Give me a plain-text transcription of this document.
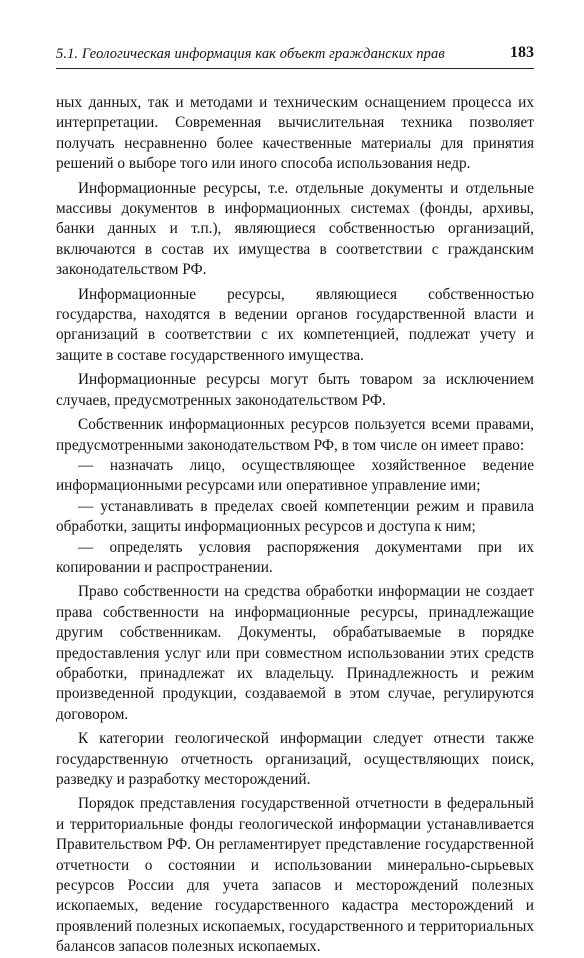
5.1. Геологическая информация как объект гражданских прав	183

ных данных, так и методами и техническим оснащением процесса их интерпретации. Современная вычислительная техника позволяет получать несравненно более качественные материалы для принятия решений о выборе того или иного способа использования недр.

Информационные ресурсы, т.е. отдельные документы и отдельные массивы документов в информационных системах (фонды, архивы, банки данных и т.п.), являющиеся собственностью организаций, включаются в состав их имущества в соответствии с гражданским законодательством РФ.

Информационные ресурсы, являющиеся собственностью государства, находятся в ведении органов государственной власти и организаций в соответствии с их компетенцией, подлежат учету и защите в составе государственного имущества.

Информационные ресурсы могут быть товаром за исключением случаев, предусмотренных законодательством РФ.

Собственник информационных ресурсов пользуется всеми правами, предусмотренными законодательством РФ, в том числе он имеет право:

— назначать лицо, осуществляющее хозяйственное ведение информационными ресурсами или оперативное управление ими;

— устанавливать в пределах своей компетенции режим и правила обработки, защиты информационных ресурсов и доступа к ним;

— определять условия распоряжения документами при их копировании и распространении.

Право собственности на средства обработки информации не создает права собственности на информационные ресурсы, принадлежащие другим собственникам. Документы, обрабатываемые в порядке предоставления услуг или при совместном использовании этих средств обработки, принадлежат их владельцу. Принадлежность и режим произведенной продукции, создаваемой в этом случае, регулируются договором.

К категории геологической информации следует отнести также государственную отчетность организаций, осуществляющих поиск, разведку и разработку месторождений.

Порядок представления государственной отчетности в федеральный и территориальные фонды геологической информации устанавливается Правительством РФ. Он регламентирует представление государственной отчетности о состоянии и использовании минерально-сырьевых ресурсов России для учета запасов и месторождений полезных ископаемых, ведение государственного кадастра месторождений и проявлений полезных ископаемых, государственного и территориальных балансов запасов полезных ископаемых.
